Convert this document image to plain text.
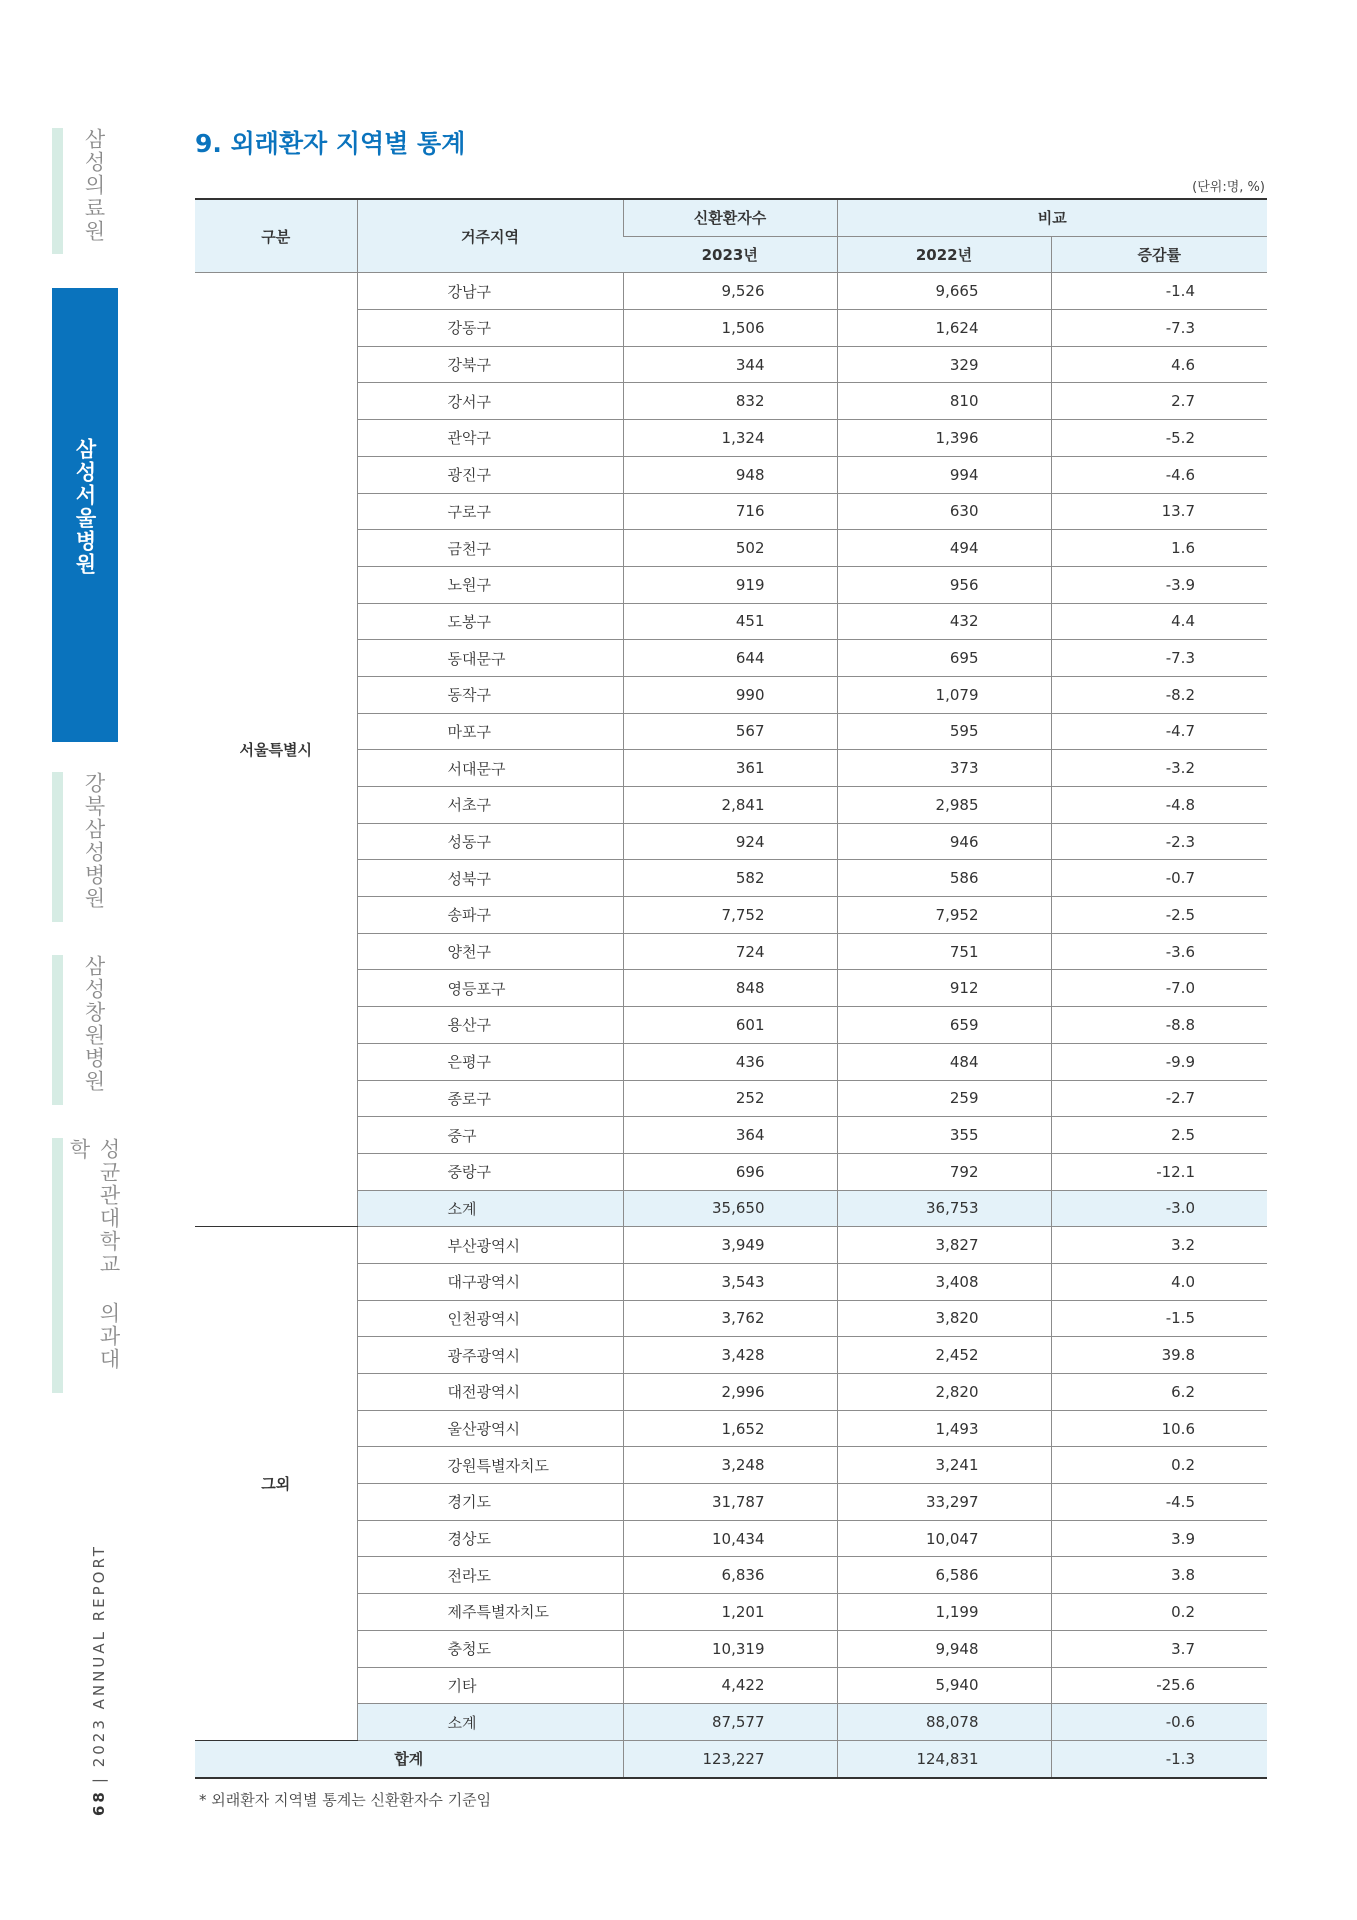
삼성의료원
삼성서울병원
강북삼성병원
삼성창원병원
성균관대학교 의과대학
68| 2023 ANNUAL REPORT
9. 외래환자 지역별 통계
(단위:명, %)
구분	거주지역	신환환자수	비교	
		2023년	2022년	증감률
서울특별시	강남구	9,526	9,665	-1.4
	강동구	1,506	1,624	-7.3
	강북구	344	329	4.6
	강서구	832	810	2.7
	관악구	1,324	1,396	-5.2
	광진구	948	994	-4.6
	구로구	716	630	13.7
	금천구	502	494	1.6
	노원구	919	956	-3.9
	도봉구	451	432	4.4
	동대문구	644	695	-7.3
	동작구	990	1,079	-8.2
	마포구	567	595	-4.7
	서대문구	361	373	-3.2
	서초구	2,841	2,985	-4.8
	성동구	924	946	-2.3
	성북구	582	586	-0.7
	송파구	7,752	7,952	-2.5
	양천구	724	751	-3.6
	영등포구	848	912	-7.0
	용산구	601	659	-8.8
	은평구	436	484	-9.9
	종로구	252	259	-2.7
	중구	364	355	2.5
	중랑구	696	792	-12.1
	소계	35,650	36,753	-3.0
그외	부산광역시	3,949	3,827	3.2
	대구광역시	3,543	3,408	4.0
	인천광역시	3,762	3,820	-1.5
	광주광역시	3,428	2,452	39.8
	대전광역시	2,996	2,820	6.2
	울산광역시	1,652	1,493	10.6
	강원특별자치도	3,248	3,241	0.2
	경기도	31,787	33,297	-4.5
	경상도	10,434	10,047	3.9
	전라도	6,836	6,586	3.8
	제주특별자치도	1,201	1,199	0.2
	충청도	10,319	9,948	3.7
	기타	4,422	5,940	-25.6
	소계	87,577	88,078	-0.6
합계		123,227	124,831	-1.3
* 외래환자 지역별 통계는 신환환자수 기준임
